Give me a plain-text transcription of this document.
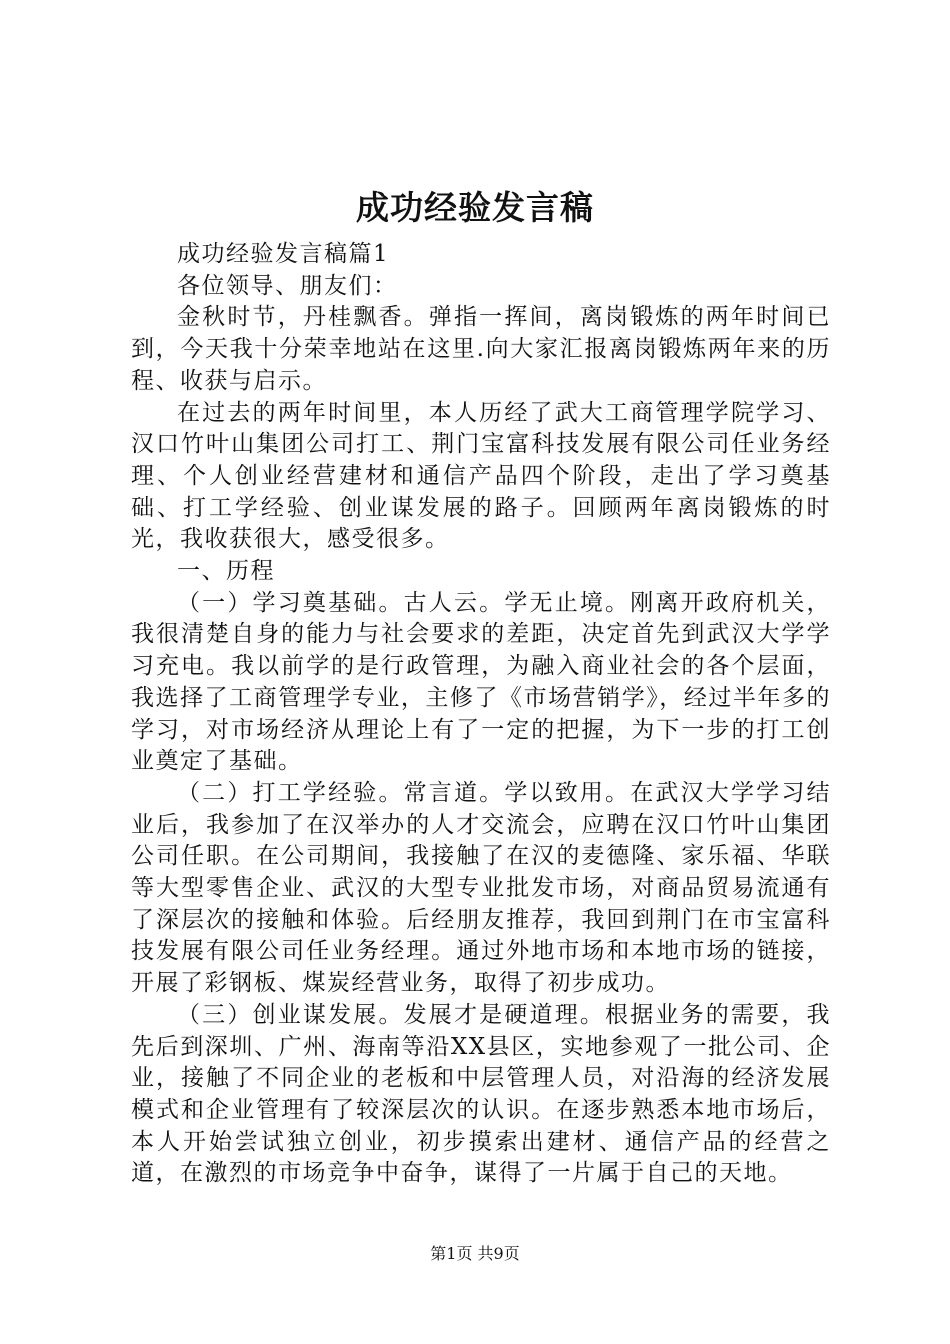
成功经验发言稿

成功经验发言稿篇1

各位领导、朋友们：

金秋时节，丹桂飘香。弹指一挥间，离岗锻炼的两年时间已到，今天我十分荣幸地站在这里.向大家汇报离岗锻炼两年来的历程、收获与启示。

在过去的两年时间里，本人历经了武大工商管理学院学习、汉口竹叶山集团公司打工、荆门宝富科技发展有限公司任业务经理、个人创业经营建材和通信产品四个阶段，走出了学习奠基础、打工学经验、创业谋发展的路子。回顾两年离岗锻炼的时光，我收获很大，感受很多。

一、历程

（一）学习奠基础。古人云。学无止境。刚离开政府机关，我很清楚自身的能力与社会要求的差距，决定首先到武汉大学学习充电。我以前学的是行政管理，为融入商业社会的各个层面，我选择了工商管理学专业，主修了《市场营销学》，经过半年多的学习，对市场经济从理论上有了一定的把握，为下一步的打工创业奠定了基础。

（二）打工学经验。常言道。学以致用。在武汉大学学习结业后，我参加了在汉举办的人才交流会，应聘在汉口竹叶山集团公司任职。在公司期间，我接触了在汉的麦德隆、家乐福、华联等大型零售企业、武汉的大型专业批发市场，对商品贸易流通有了深层次的接触和体验。后经朋友推荐，我回到荆门在市宝富科技发展有限公司任业务经理。通过外地市场和本地市场的链接，开展了彩钢板、煤炭经营业务，取得了初步成功。

（三）创业谋发展。发展才是硬道理。根据业务的需要，我先后到深圳、广州、海南等沿XX县区，实地参观了一批公司、企业，接触了不同企业的老板和中层管理人员，对沿海的经济发展模式和企业管理有了较深层次的认识。在逐步熟悉本地市场后，本人开始尝试独立创业，初步摸索出建材、通信产品的经营之道，在激烈的市场竞争中奋争，谋得了一片属于自己的天地。

第1页 共9页
